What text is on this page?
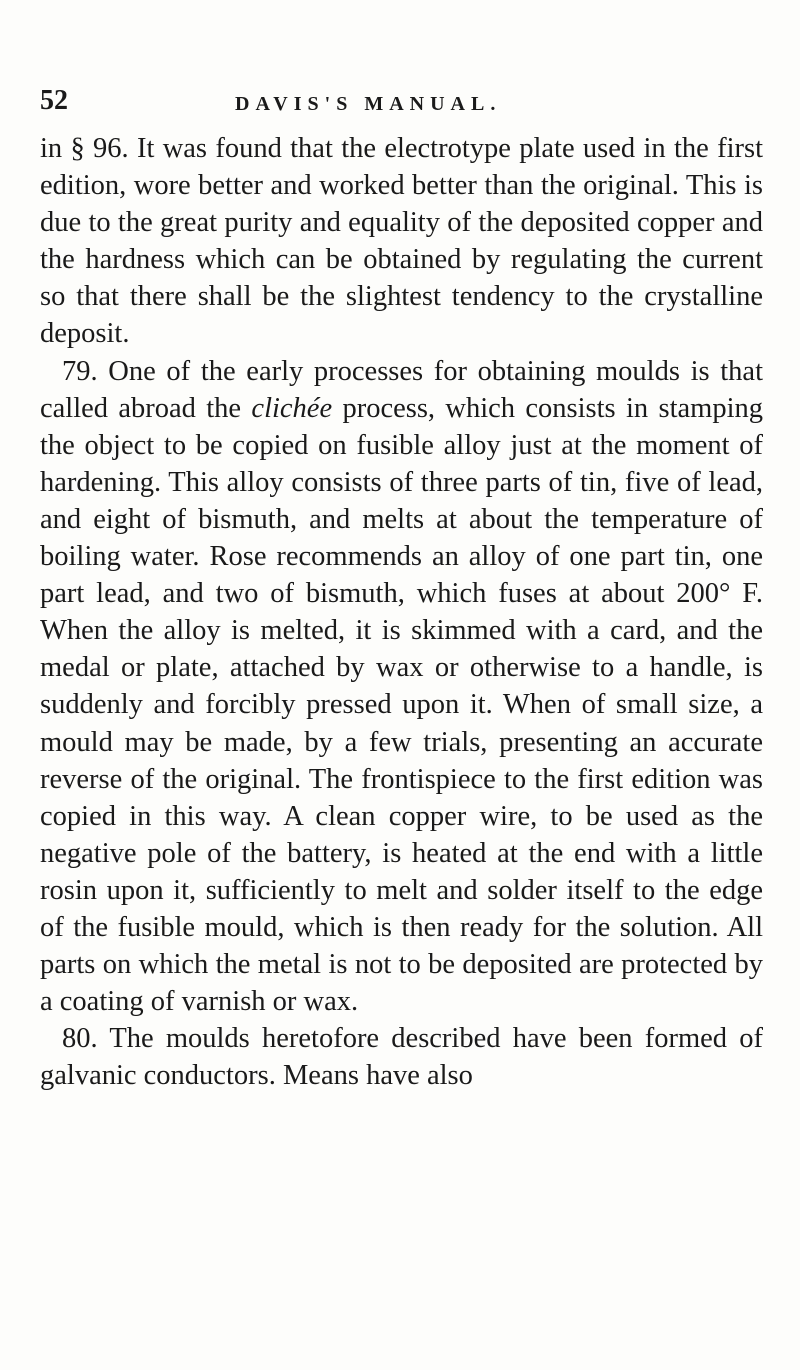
52	DAVIS'S MANUAL.

in § 96. It was found that the electrotype plate used in the first edition, wore better and worked better than the original. This is due to the great purity and equality of the deposited copper and the hardness which can be obtained by regulating the current so that there shall be the slightest tendency to the crystalline deposit.

79. One of the early processes for obtaining moulds is that called abroad the clichée process, which consists in stamping the object to be copied on fusible alloy just at the moment of hardening. This alloy consists of three parts of tin, five of lead, and eight of bismuth, and melts at about the temperature of boiling water. Rose recommends an alloy of one part tin, one part lead, and two of bismuth, which fuses at about 200° F. When the alloy is melted, it is skimmed with a card, and the medal or plate, attached by wax or otherwise to a handle, is suddenly and forcibly pressed upon it. When of small size, a mould may be made, by a few trials, presenting an accurate reverse of the original. The frontispiece to the first edition was copied in this way. A clean copper wire, to be used as the negative pole of the battery, is heated at the end with a little rosin upon it, sufficiently to melt and solder itself to the edge of the fusible mould, which is then ready for the solution. All parts on which the metal is not to be deposited are protected by a coating of varnish or wax.

80. The moulds heretofore described have been formed of galvanic conductors. Means have also
